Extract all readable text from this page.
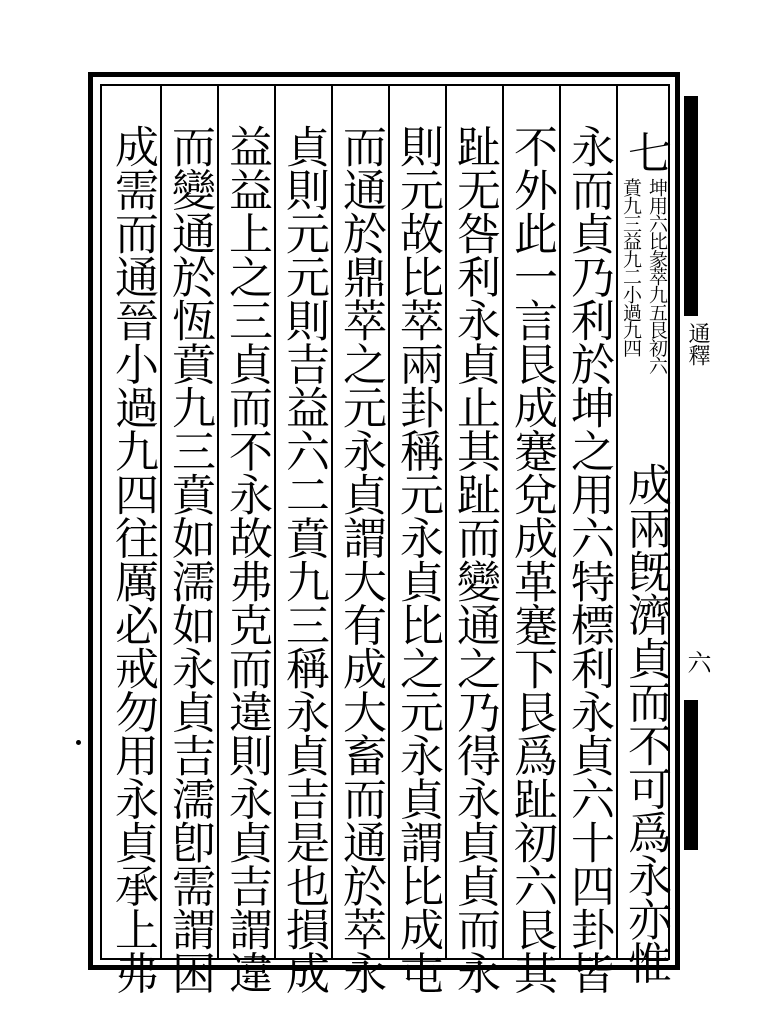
七
坤用六比彖萃九五艮初六
賁九三益九二小過九四
成兩旣濟貞而不可爲永亦惟
永而貞乃利於坤之用六特標利永貞六十四卦皆
不外此一言艮成蹇兌成革蹇下艮爲趾初六艮其
趾无咎利永貞止其趾而變通之乃得永貞貞而永
則元故比萃兩卦稱元永貞比之元永貞謂比成屯
而通於鼎萃之元永貞謂大有成大畜而通於萃永
貞則元元則吉益六二賁九三稱永貞吉是也損成
益益上之三貞而不永故弗克而違則永貞吉謂違
而變通於恆賁九三賁如濡如永貞吉濡卽需謂困
成需而通晉小過九四往厲必戒勿用永貞承上弗	通釋
六
